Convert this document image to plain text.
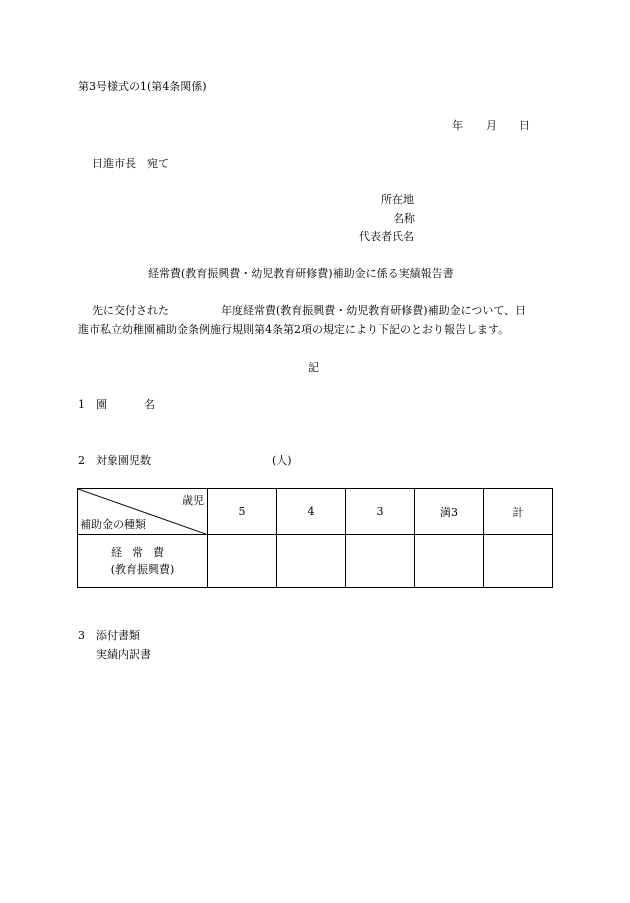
第3号様式の1(第4条関係)
年 月 日
日進市長　宛て
所在地
名称
代表者氏名
経常費(教育振興費・幼児教育研修費)補助金に係る実績報告書
先に交付された	年度経常費(教育振興費・幼児教育研修費)補助金について、日
進市私立幼稚園補助金条例施行規則第4条第2項の規定により下記のとおり報告します。
記
1 園	名
2 対象園児数	(人)
歳児
補助金の種類	5	4	3	満3	計

経常費
(教育振興費)					

3 添付書類
実績内訳書
